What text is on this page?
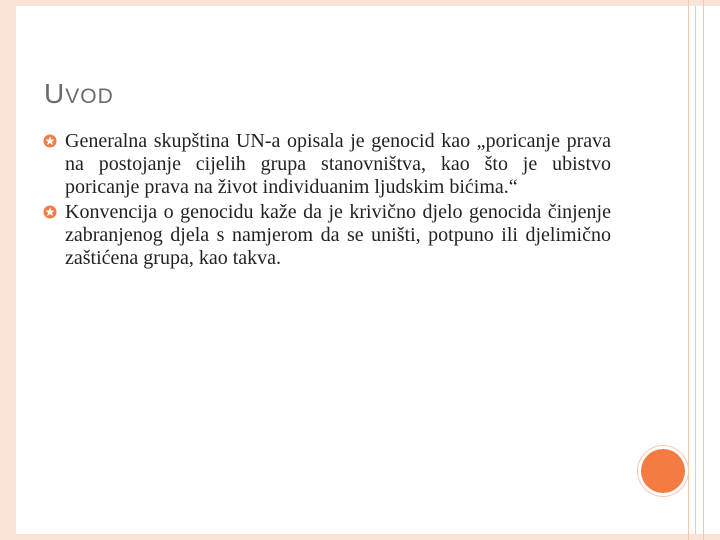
UVOD
Generalna skupština UN-a opisala je genocid kao „poricanje prava na postojanje cijelih grupa stanovništva, kao što je ubistvo poricanje prava na život individuanim ljudskim bićima.“
Konvencija o genocidu kaže da je krivično djelo genocida činjenje zabranjenog djela s namjerom da se uništi, potpuno ili djelimično zaštićena grupa, kao takva.
